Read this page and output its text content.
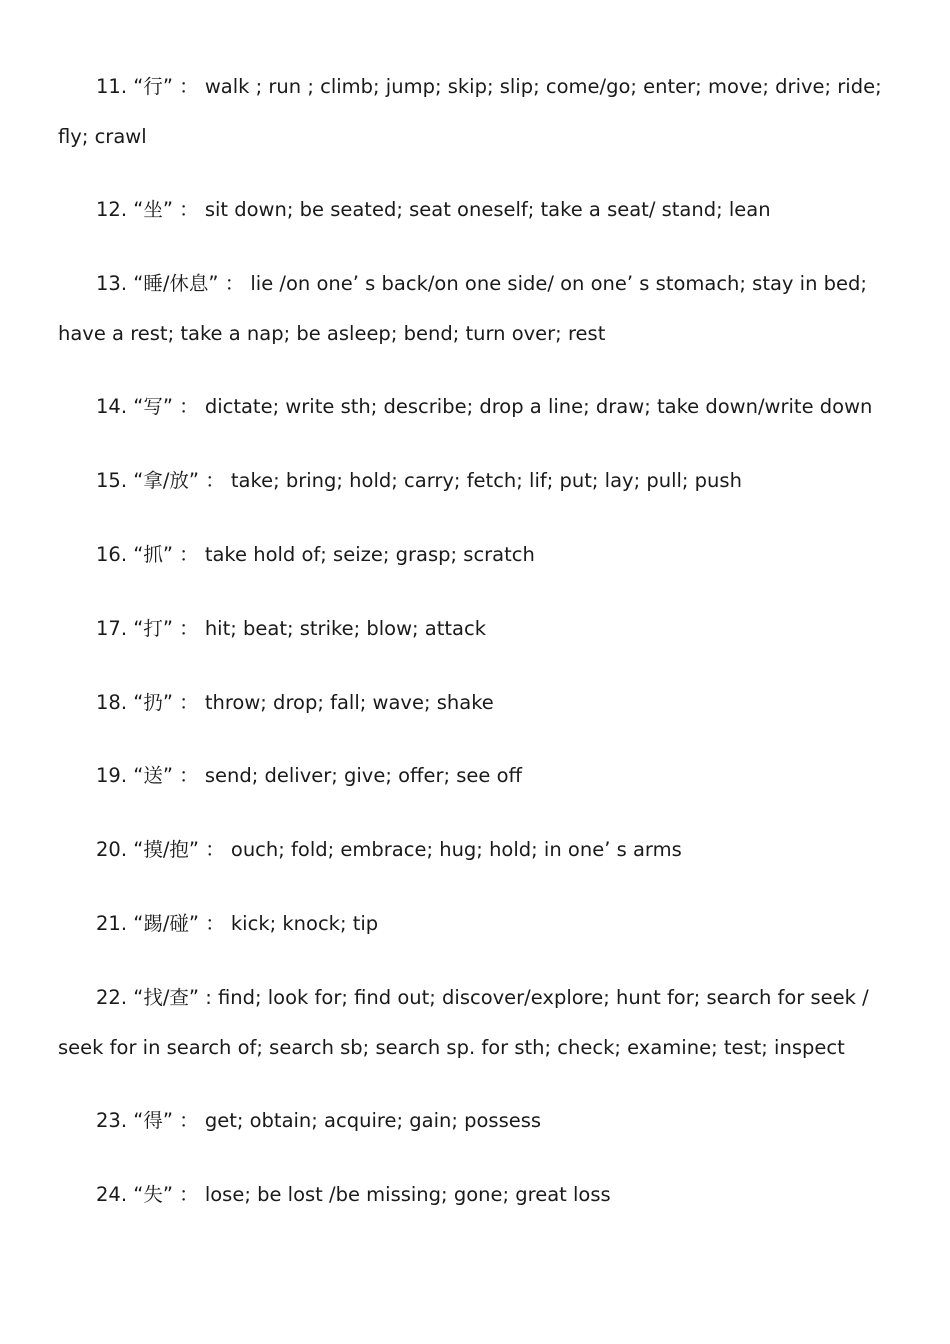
11. “行” ： walk ; run ; climb; jump; skip; slip; come/go; enter; move; drive; ride; fly; crawl

12. “坐” ： sit down; be seated; seat oneself; take a seat/ stand; lean

13. “睡/休息” ： lie /on one’ s back/on one side/ on one’ s stomach; stay in bed; have a rest; take a nap; be asleep; bend; turn over; rest

14. “写” ： dictate; write sth; describe; drop a line; draw; take down/write down

15. “拿/放” ： take; bring; hold; carry; fetch; lif; put; lay; pull; push

16. “抓” ： take hold of; seize; grasp; scratch

17. “打” ： hit; beat; strike; blow; attack

18. “扔” ： throw; drop; fall; wave; shake

19. “送” ： send; deliver; give; offer; see off

20. “摸/抱” ： ouch; fold; embrace; hug; hold; in one’ s arms

21. “踢/碰” ： kick; knock; tip

22. “找/查” : find; look for; find out; discover/explore; hunt for; search for seek / seek for in search of; search sb; search sp. for sth; check; examine; test; inspect

23. “得” ： get; obtain; acquire; gain; possess

24. “失” ： lose; be lost /be missing; gone; great loss
